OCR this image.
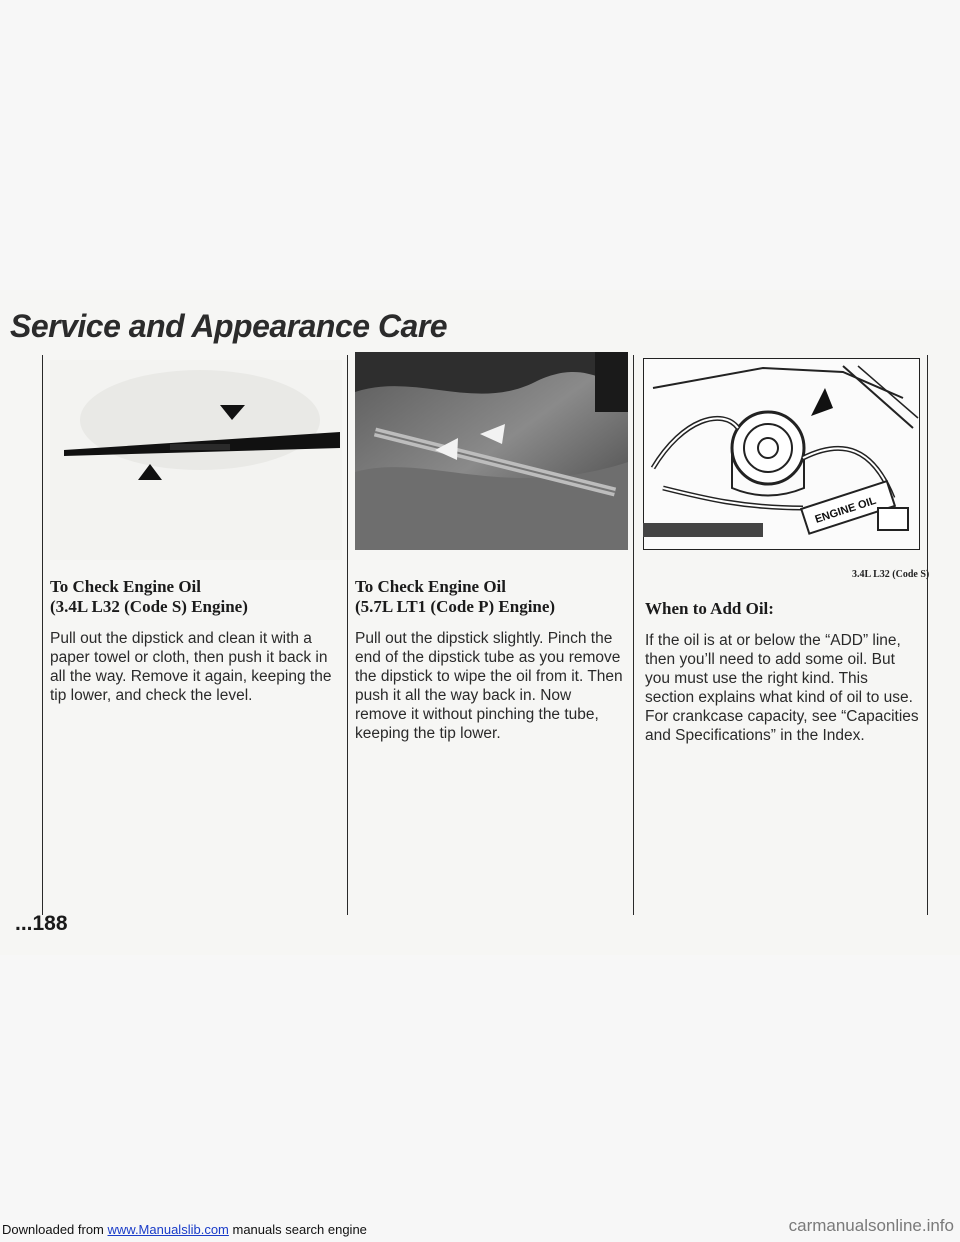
Service and Appearance Care
ENGINE OIL
3.4L L32 (Code S)
To Check Engine Oil
(3.4L L32 (Code S) Engine)

Pull out the dipstick and clean it with a paper towel or cloth, then push it back in all the way. Remove it again, keeping the tip lower, and check the level.

To Check Engine Oil
(5.7L LT1 (Code P) Engine)

Pull out the dipstick slightly. Pinch the end of the dipstick tube as you remove the dipstick to wipe the oil from it. Then push it all the way back in. Now remove it without pinching the tube, keeping the tip lower.

When to Add Oil:

If the oil is at or below the “ADD” line, then you’ll need to add some oil. But you must use the right kind. This section explains what kind of oil to use. For crankcase capacity, see “Capacities and Specifications” in the Index.

...188
Downloaded from www.Manualslib.com manuals search engine	carmanualsonline.info
